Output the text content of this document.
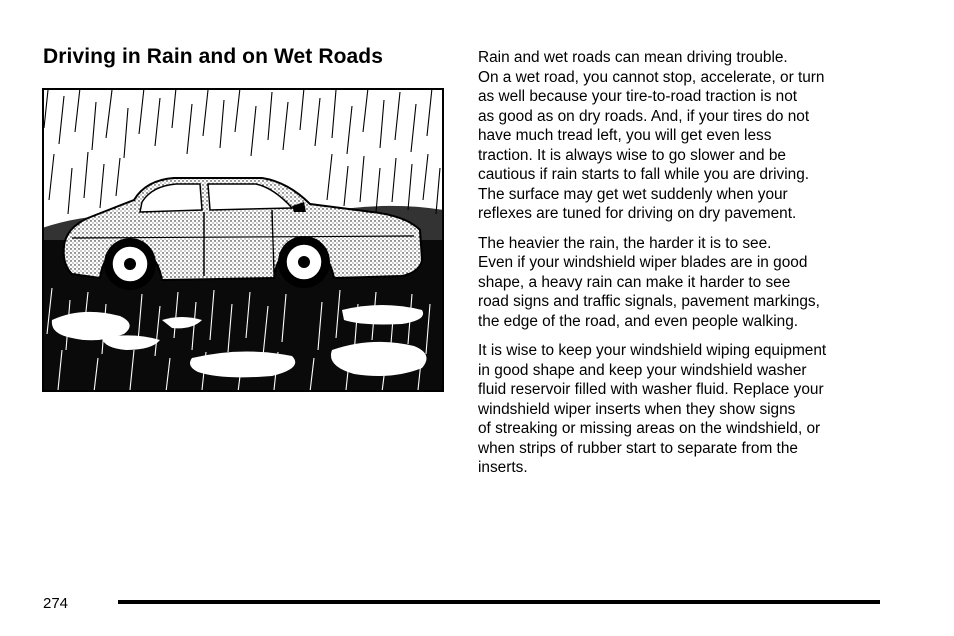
Driving in Rain and on Wet Roads	Rain and wet roads can mean driving trouble.
On a wet road, you cannot stop, accelerate, or turn
as well because your tire-to-road traction is not
as good as on dry roads. And, if your tires do not
have much tread left, you will get even less
traction. It is always wise to go slower and be
cautious if rain starts to fall while you are driving.
The surface may get wet suddenly when your
reflexes are tuned for driving on dry pavement.

The heavier the rain, the harder it is to see.
Even if your windshield wiper blades are in good
shape, a heavy rain can make it harder to see
road signs and traffic signals, pavement markings,
the edge of the road, and even people walking.

It is wise to keep your windshield wiping equipment
in good shape and keep your windshield washer
fluid reservoir filled with washer fluid. Replace your
windshield wiper inserts when they show signs
of streaking or missing areas on the windshield, or
when strips of rubber start to separate from the
inserts.

274
